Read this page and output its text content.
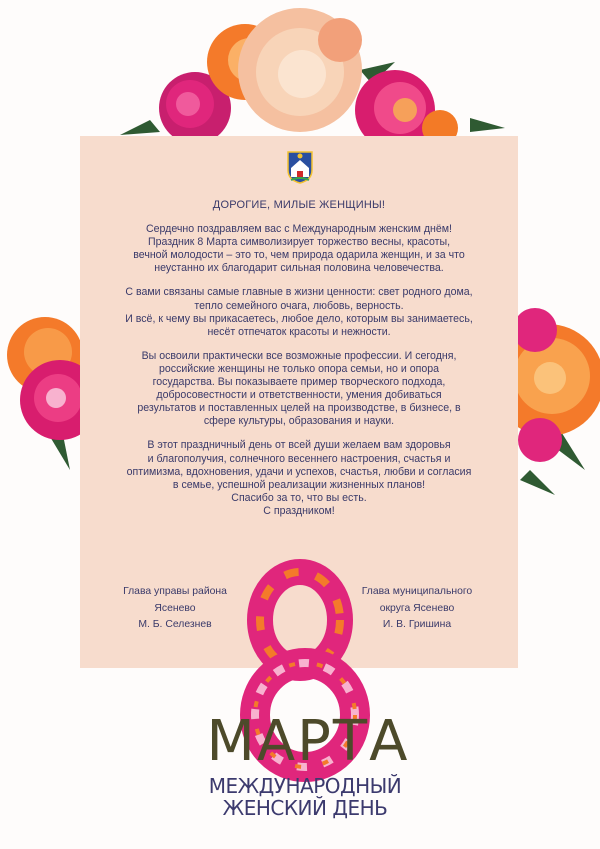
ДОРОГИЕ, МИЛЫЕ ЖЕНЩИНЫ!

Сердечно поздравляем вас с Международным женским днём!
Праздник 8 Марта символизирует торжество весны, красоты,
вечной молодости – это то, чем природа одарила женщин, и за что
неустанно их благодарит сильная половина человечества.

С вами связаны самые главные в жизни ценности: свет родного дома,
тепло семейного очага, любовь, верность.
И всё, к чему вы прикасаетесь, любое дело, которым вы занимаетесь,
несёт отпечаток красоты и нежности.

Вы освоили практически все возможные профессии. И сегодня,
российские женщины не только опора семьи, но и опора
государства. Вы показываете пример творческого подхода,
добросовестности и ответственности, умения добиваться
результатов и поставленных целей на производстве, в бизнесе, в
сфере культуры, образования и науки.

В этот праздничный день от всей души желаем вам здоровья
и благополучия, солнечного весеннего настроения, счастья и
оптимизма, вдохновения, удачи и успехов, счастья, любви и согласия
в семье, успешной реализации жизненных планов!
Спасибо за то, что вы есть.
С праздником!

Глава управы района
Ясенево
М. Б. Селезнев
Глава муниципального
округа Ясенево
И. В. Гришина
МАРТА
МЕЖДУНАРОДНЫЙ
ЖЕНСКИЙ ДЕНЬ
